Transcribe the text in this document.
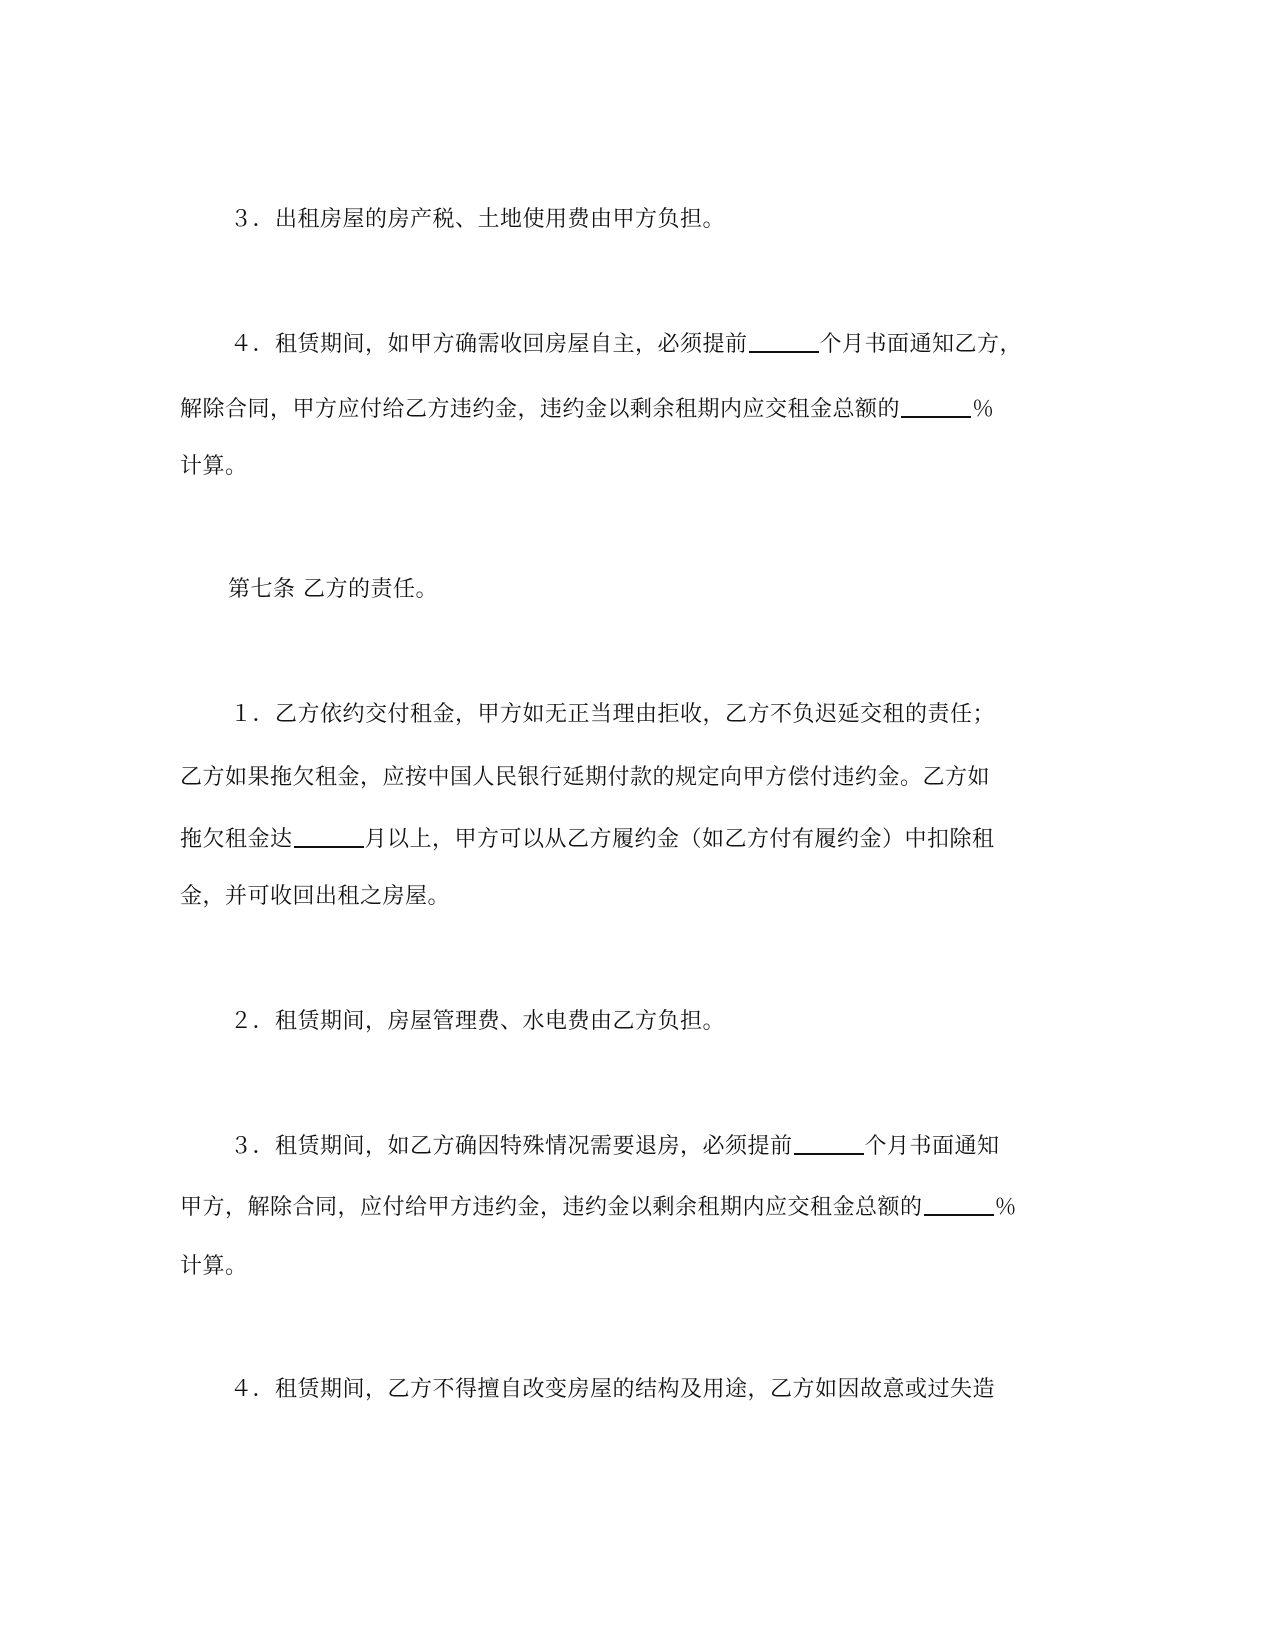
３．出租房屋的房产税、土地使用费由甲方负担。
４．租赁期间，如甲方确需收回房屋自主，必须提前	个月书面通知乙方，
解除合同，甲方应付给乙方违约金，违约金以剩余租期内应交租金总额的	％
计算。
第七条 乙方的责任。
１．乙方依约交付租金，甲方如无正当理由拒收，乙方不负迟延交租的责任；
乙方如果拖欠租金，应按中国人民银行延期付款的规定向甲方偿付违约金。乙方如
拖欠租金达	月以上，甲方可以从乙方履约金（如乙方付有履约金）中扣除租
金，并可收回出租之房屋。
２．租赁期间，房屋管理费、水电费由乙方负担。
３．租赁期间，如乙方确因特殊情况需要退房，必须提前	个月书面通知
甲方，解除合同，应付给甲方违约金，违约金以剩余租期内应交租金总额的	％
计算。
４．租赁期间，乙方不得擅自改变房屋的结构及用途，乙方如因故意或过失造
